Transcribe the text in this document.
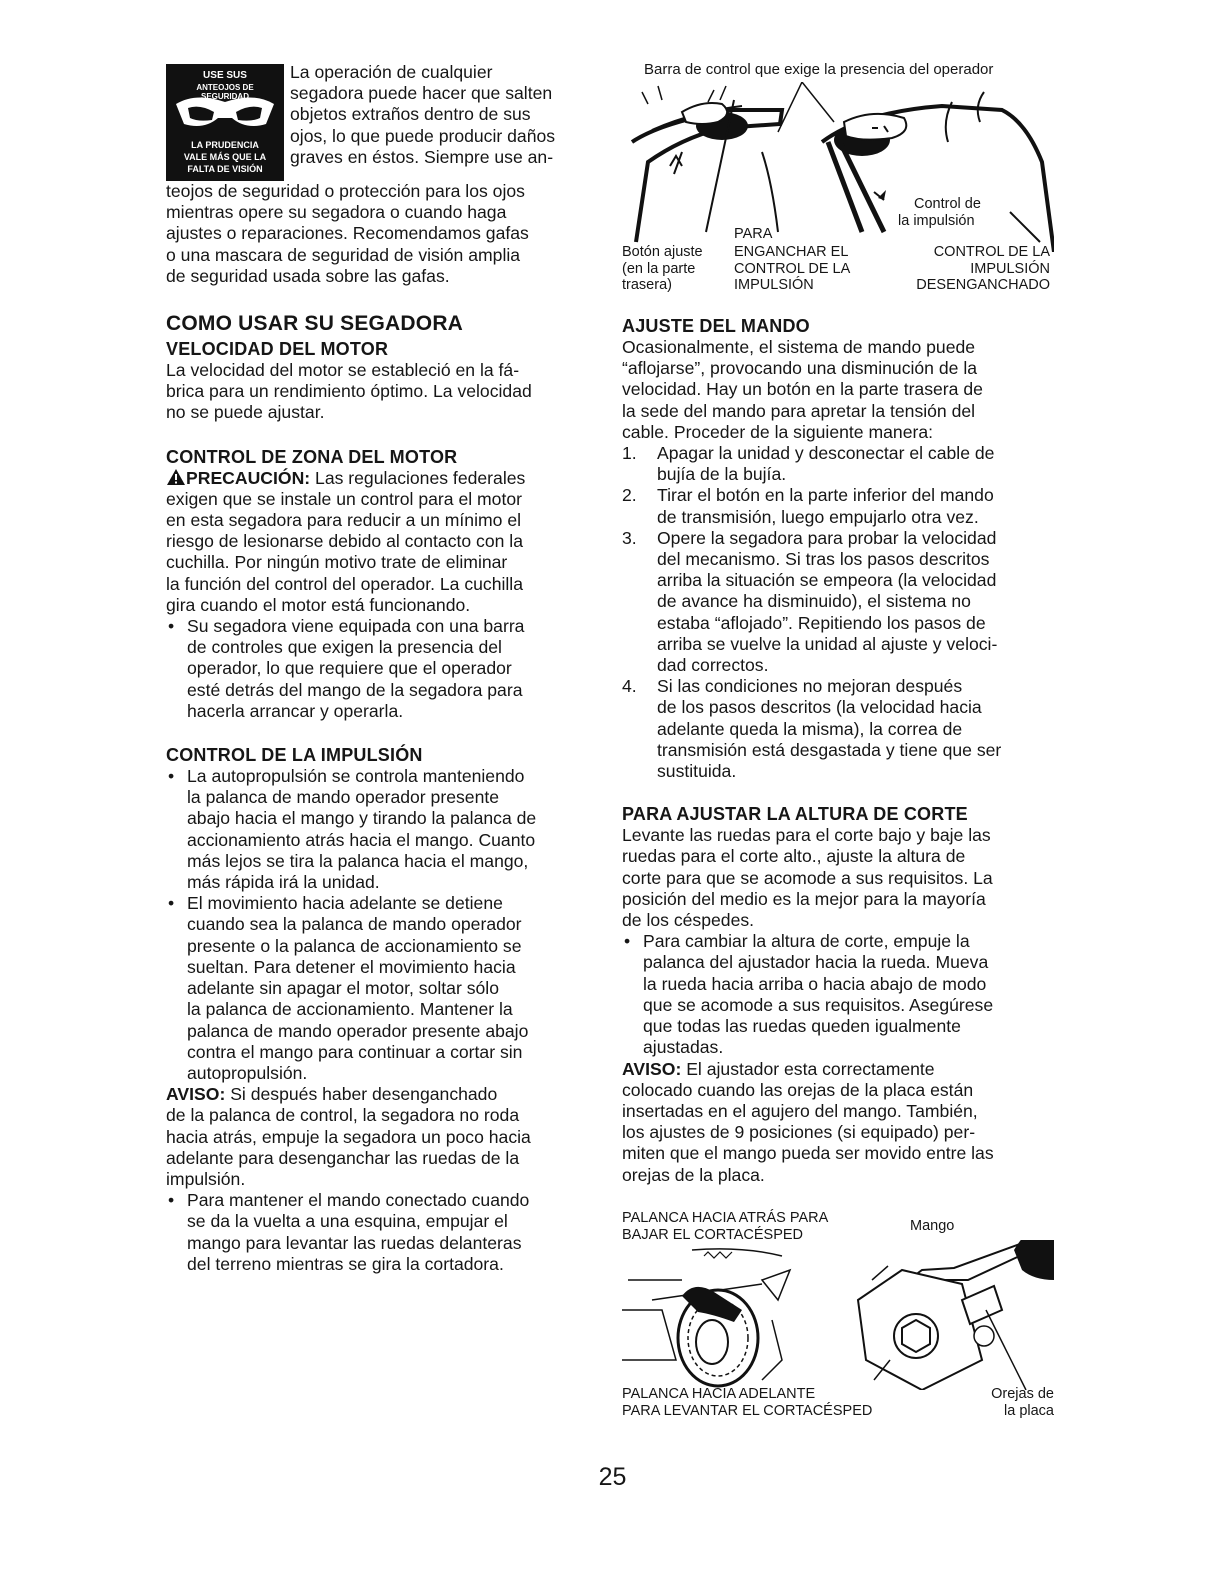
USE SUS
ANTEOJOS DE
SEGURIDAD
LA PRUDENCIA
VALE MÁS QUE LA
FALTA DE VISIÓN

La operación de cualquier

segadora puede hacer que salten

objetos extraños dentro de sus

ojos, lo que puede producir daños

graves en éstos. Siempre use an-

teojos de seguridad o protección para los ojos

mientras opere su segadora o cuando haga

ajustes o reparaciones. Recomendamos gafas

o una mascara de seguridad de visión amplia

de seguridad usada sobre las gafas.

COMO USAR SU SEGADORA

VELOCIDAD DEL MOTOR

La velocidad del motor se estableció en la fá-

brica para un rendimiento óptimo. La velocidad

no se puede ajustar.

CONTROL DE ZONA DEL MOTOR

PRECAUCIÓN: Las regulaciones federales

exigen que se instale un control para el motor

en esta segadora para reducir a un mínimo el

riesgo de lesionarse debido al contacto con la

cuchilla. Por ningún motivo trate de eliminar

la función del control del operador. La cuchilla

gira cuando el motor está funcionando.

• Su segadora viene equipada con una barra

de controles que exigen la presencia del

operador, lo que requiere que el operador

esté detrás del mango de la segadora para

hacerla arrancar y operarla.

CONTROL DE LA IMPULSIÓN

• La autopropulsión se controla manteniendo

la palanca de mando operador presente

abajo hacia el mango y tirando la palanca de

accionamiento atrás hacia el mango. Cuanto

más lejos se tira la palanca hacia el mango,

más rápida irá la unidad.

• El movimiento hacia adelante se detiene

cuando sea la palanca de mando operador

presente o la palanca de accionamiento se

sueltan. Para detener el movimiento hacia

adelante sin apagar el motor, soltar sólo

la palanca de accionamiento. Mantener la

palanca de mando operador presente abajo

contra el mango para continuar a cortar sin

autopropulsión.

AVISO: Si después haber desenganchado

de la palanca de control, la segadora no roda

hacia atrás, empuje la segadora un poco hacia

adelante para desenganchar las ruedas de la

impulsión.

• Para mantener el mando conectado cuando

se da la vuelta a una esquina, empujar el

mango para levantar las ruedas delanteras

del terreno mientras se gira la cortadora.

Barra de control que exige la presencia del operador

PARA

Control de

la impulsión

Botón ajuste

(en la parte

trasera)

ENGANCHAR EL

CONTROL DE LA

IMPULSIÓN

CONTROL DE LA

IMPULSIÓN

DESENGANCHADO

AJUSTE DEL MANDO

Ocasionalmente, el sistema de mando puede

“aflojarse”, provocando una disminución de la

velocidad. Hay un botón en la parte trasera de

la sede del mando para apretar la tensión del

cable. Proceder de la siguiente manera:

1. Apagar la unidad y desconectar el cable de

bujía de la bujía.

2. Tirar el botón en la parte inferior del mando

de transmisión, luego empujarlo otra vez.

3. Opere la segadora para probar la velocidad

del mecanismo. Si tras los pasos descritos

arriba la situación se empeora (la velocidad

de avance ha disminuido), el sistema no

estaba “aflojado”. Repitiendo los pasos de

arriba se vuelve la unidad al ajuste y veloci-

dad correctos.

4. Si las condiciones no mejoran después

de los pasos descritos (la velocidad hacia

adelante queda la misma), la correa de

transmisión está desgastada y tiene que ser

sustituida.

PARA AJUSTAR LA ALTURA DE CORTE

Levante las ruedas para el corte bajo y baje las

ruedas para el corte alto., ajuste la altura de

corte para que se acomode a sus requisitos. La

posición del medio es la mejor para la mayoría

de los céspedes.

• Para cambiar la altura de corte, empuje la

palanca del ajustador hacia la rueda. Mueva

la rueda hacia arriba o hacia abajo de modo

que se acomode a sus requisitos. Asegúrese

que todas las ruedas queden igualmente

ajustadas.

AVISO: El ajustador esta correctamente

colocado cuando las orejas de la placa están

insertadas en el agujero del mango. También,

los ajustes de 9 posiciones (si equipado) per-

miten que el mango pueda ser movido entre las

orejas de la placa.

PALANCA HACIA ATRÁS PARA

BAJAR EL CORTACÉSPED

Mango

PALANCA HACIA ADELANTE

PARA LEVANTAR EL CORTACÉSPED

Orejas de

la placa

25
